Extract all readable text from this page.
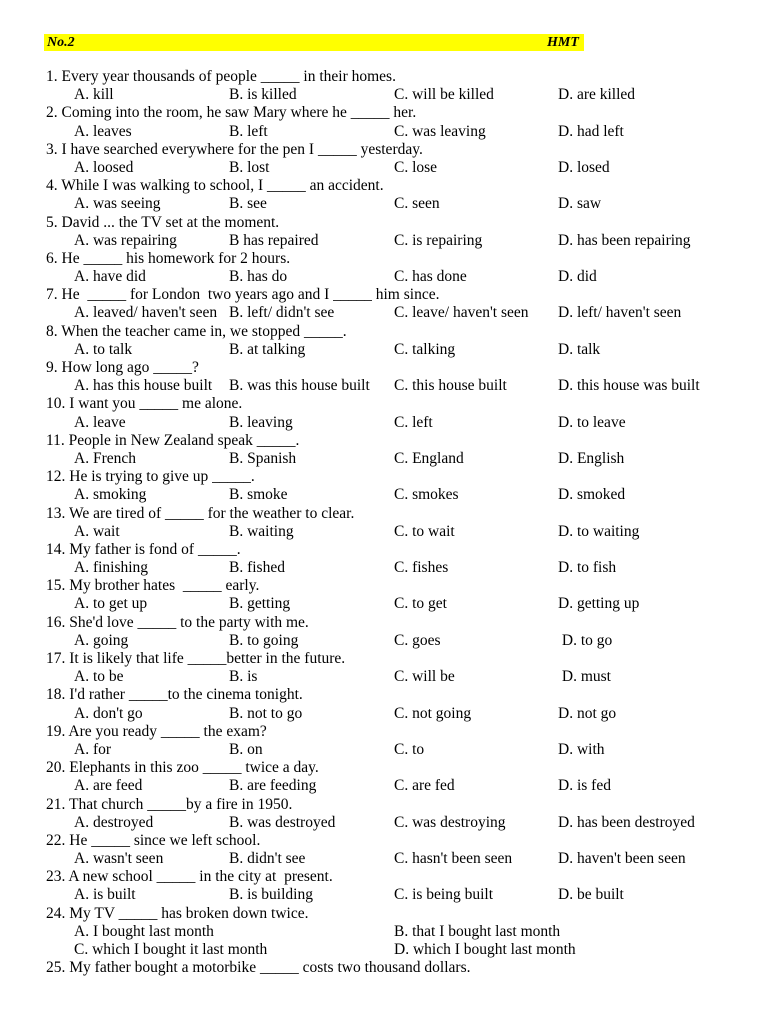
No.2	HMT
1. Every year thousands of people _____ in their homes.
A. kill	B. is killed	C. will be killed	D. are killed
2. Coming into the room, he saw Mary where he _____ her.
A. leaves	B. left	C. was leaving	D. had left
3. I have searched everywhere for the pen I _____ yesterday.
A. loosed	B. lost	C. lose	D. losed
4. While I was walking to school, I _____ an accident.
A. was seeing	B. see	C. seen	D. saw
5. David ... the TV set at the moment.
A. was repairing	B has repaired	C. is repairing	D. has been repairing
6. He _____ his homework for 2 hours.
A. have did	B. has do	C. has done	D. did
7. He  _____ for London  two years ago and I _____ him since.
A. leaved/ haven't seen B. left/ didn't see	C. leave/ haven't seen D. left/ haven't seen
8. When the teacher came in, we stopped _____.
A. to talk	B. at talking	C. talking	D. talk
9. How long ago _____?
A. has this house built B. was this house built C. this house built	D. this house was built
10. I want you _____ me alone.
A. leave	B. leaving	C. left	D. to leave
11. People in New Zealand speak _____.
A. French	B. Spanish	C. England	D. English
12. He is trying to give up _____.
A. smoking	B. smoke	C. smokes	D. smoked
13. We are tired of _____ for the weather to clear.
A. wait	B. waiting	C. to wait	D. to waiting
14. My father is fond of _____.
A. finishing	B. fished	C. fishes	D. to fish
15. My brother hates  _____ early.
A. to get up	B. getting	C. to get	D. getting up
16. She'd love _____ to the party with me.
A. going	B. to going	C. goes	D. to go
17. It is likely that life _____better in the future.
A. to be	B. is	C. will be	D. must
18. I'd rather _____to the cinema tonight.
A. don't go	B. not to go	C. not going	D. not go
19. Are you ready _____ the exam?
A. for	B. on	C. to	D. with
20. Elephants in this zoo _____ twice a day.
A. are feed	B. are feeding	C. are fed	D. is fed
21. That church _____by a fire in 1950.
A. destroyed	B. was destroyed	C. was destroying	D. has been destroyed
22. He _____ since we left school.
A. wasn't seen	B. didn't see	C. hasn't been seen	D. haven't been seen
23. A new school _____ in the city at  present.
A. is built	B. is building	C. is being built	D. be built
24. My TV _____ has broken down twice.
A. I bought last month	B. that I bought last month
C. which I bought it last month	D. which I bought last month
25. My father bought a motorbike _____ costs two thousand dollars.
